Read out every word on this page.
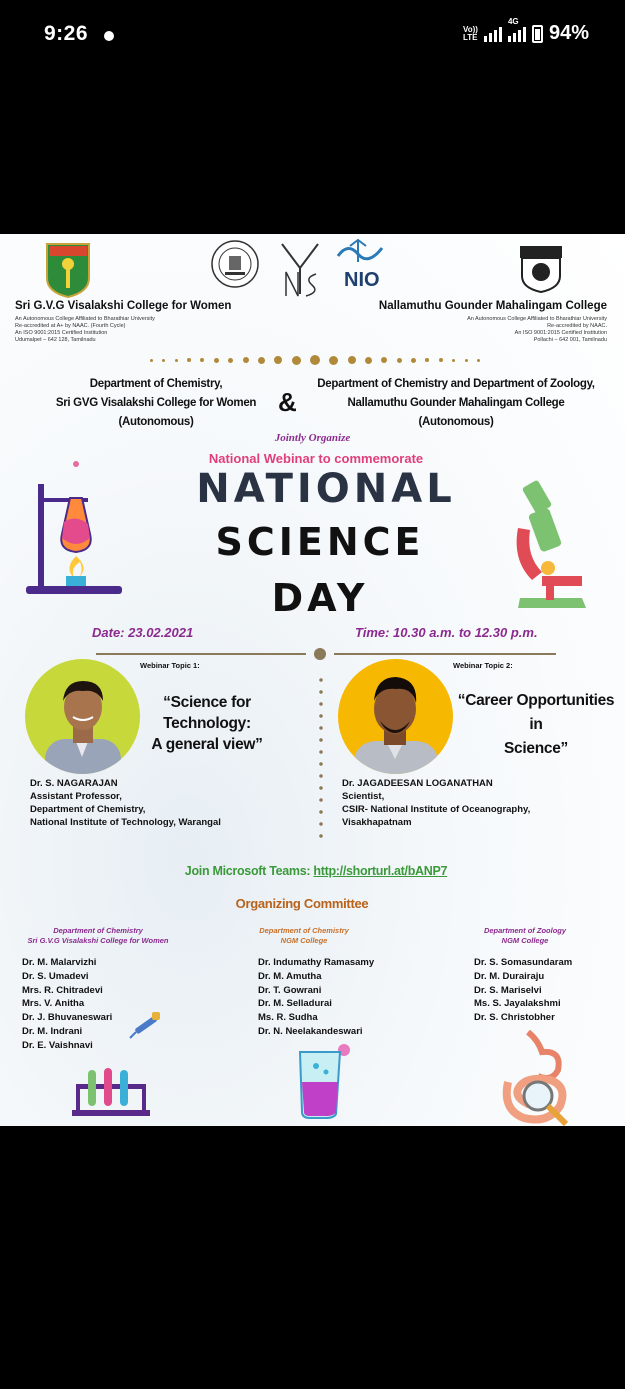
9:26	Vo))
LTE
4G
94%
Sri G.V.G Visalakshi College for Women
An Autonomous College Affiliated to Bharathiar University
Re-accredited at A+ by NAAC. (Fourth Cycle)
An ISO 9001:2015 Certified Institution
Udumalpet – 642 128, Tamilnadu
NIO
Nallamuthu Gounder Mahalingam College
An Autonomous College Affiliated to Bharathiar University
Re-accredited by NAAC.
An ISO 9001:2015 Certified Institution
Pollachi – 642 001, Tamilnadu
Department of Chemistry,
Sri GVG Visalakshi College for Women
(Autonomous)
&
Department of Chemistry and Department of Zoology,
Nallamuthu Gounder Mahalingam College
(Autonomous)
Jointly Organize
National Webinar to commemorate
NATIONAL
SCIENCE
DAY
Date: 23.02.2021	Time: 10.30 a.m. to 12.30 p.m.
Webinar Topic 1:
“Science for
Technology:
A general view”
Dr. S. NAGARAJAN
Assistant Professor,
Department of Chemistry,
National Institute of Technology, Warangal
Webinar Topic 2:
“Career Opportunities
in
Science”
Dr. JAGADEESAN LOGANATHAN
Scientist,
CSIR- National Institute of Oceanography,
Visakhapatnam
Join Microsoft Teams: http://shorturl.at/bANP7
Organizing Committee
Department of Chemistry
Sri G.V.G Visalakshi College for Women
Dr. M. Malarvizhi
Dr. S. Umadevi
Mrs. R. Chitradevi
Mrs. V. Anitha
Dr. J. Bhuvaneswari
Dr. M. Indrani
Dr. E. Vaishnavi
Department of Chemistry
NGM College
Dr. Indumathy Ramasamy
Dr. M. Amutha
Dr. T. Gowrani
Dr. M. Selladurai
Ms. R. Sudha
Dr. N. Neelakandeswari
Department of Zoology
NGM College
Dr. S. Somasundaram
Dr. M. Durairaju
Dr. S. Mariselvi
Ms. S. Jayalakshmi
Dr. S. Christobher
